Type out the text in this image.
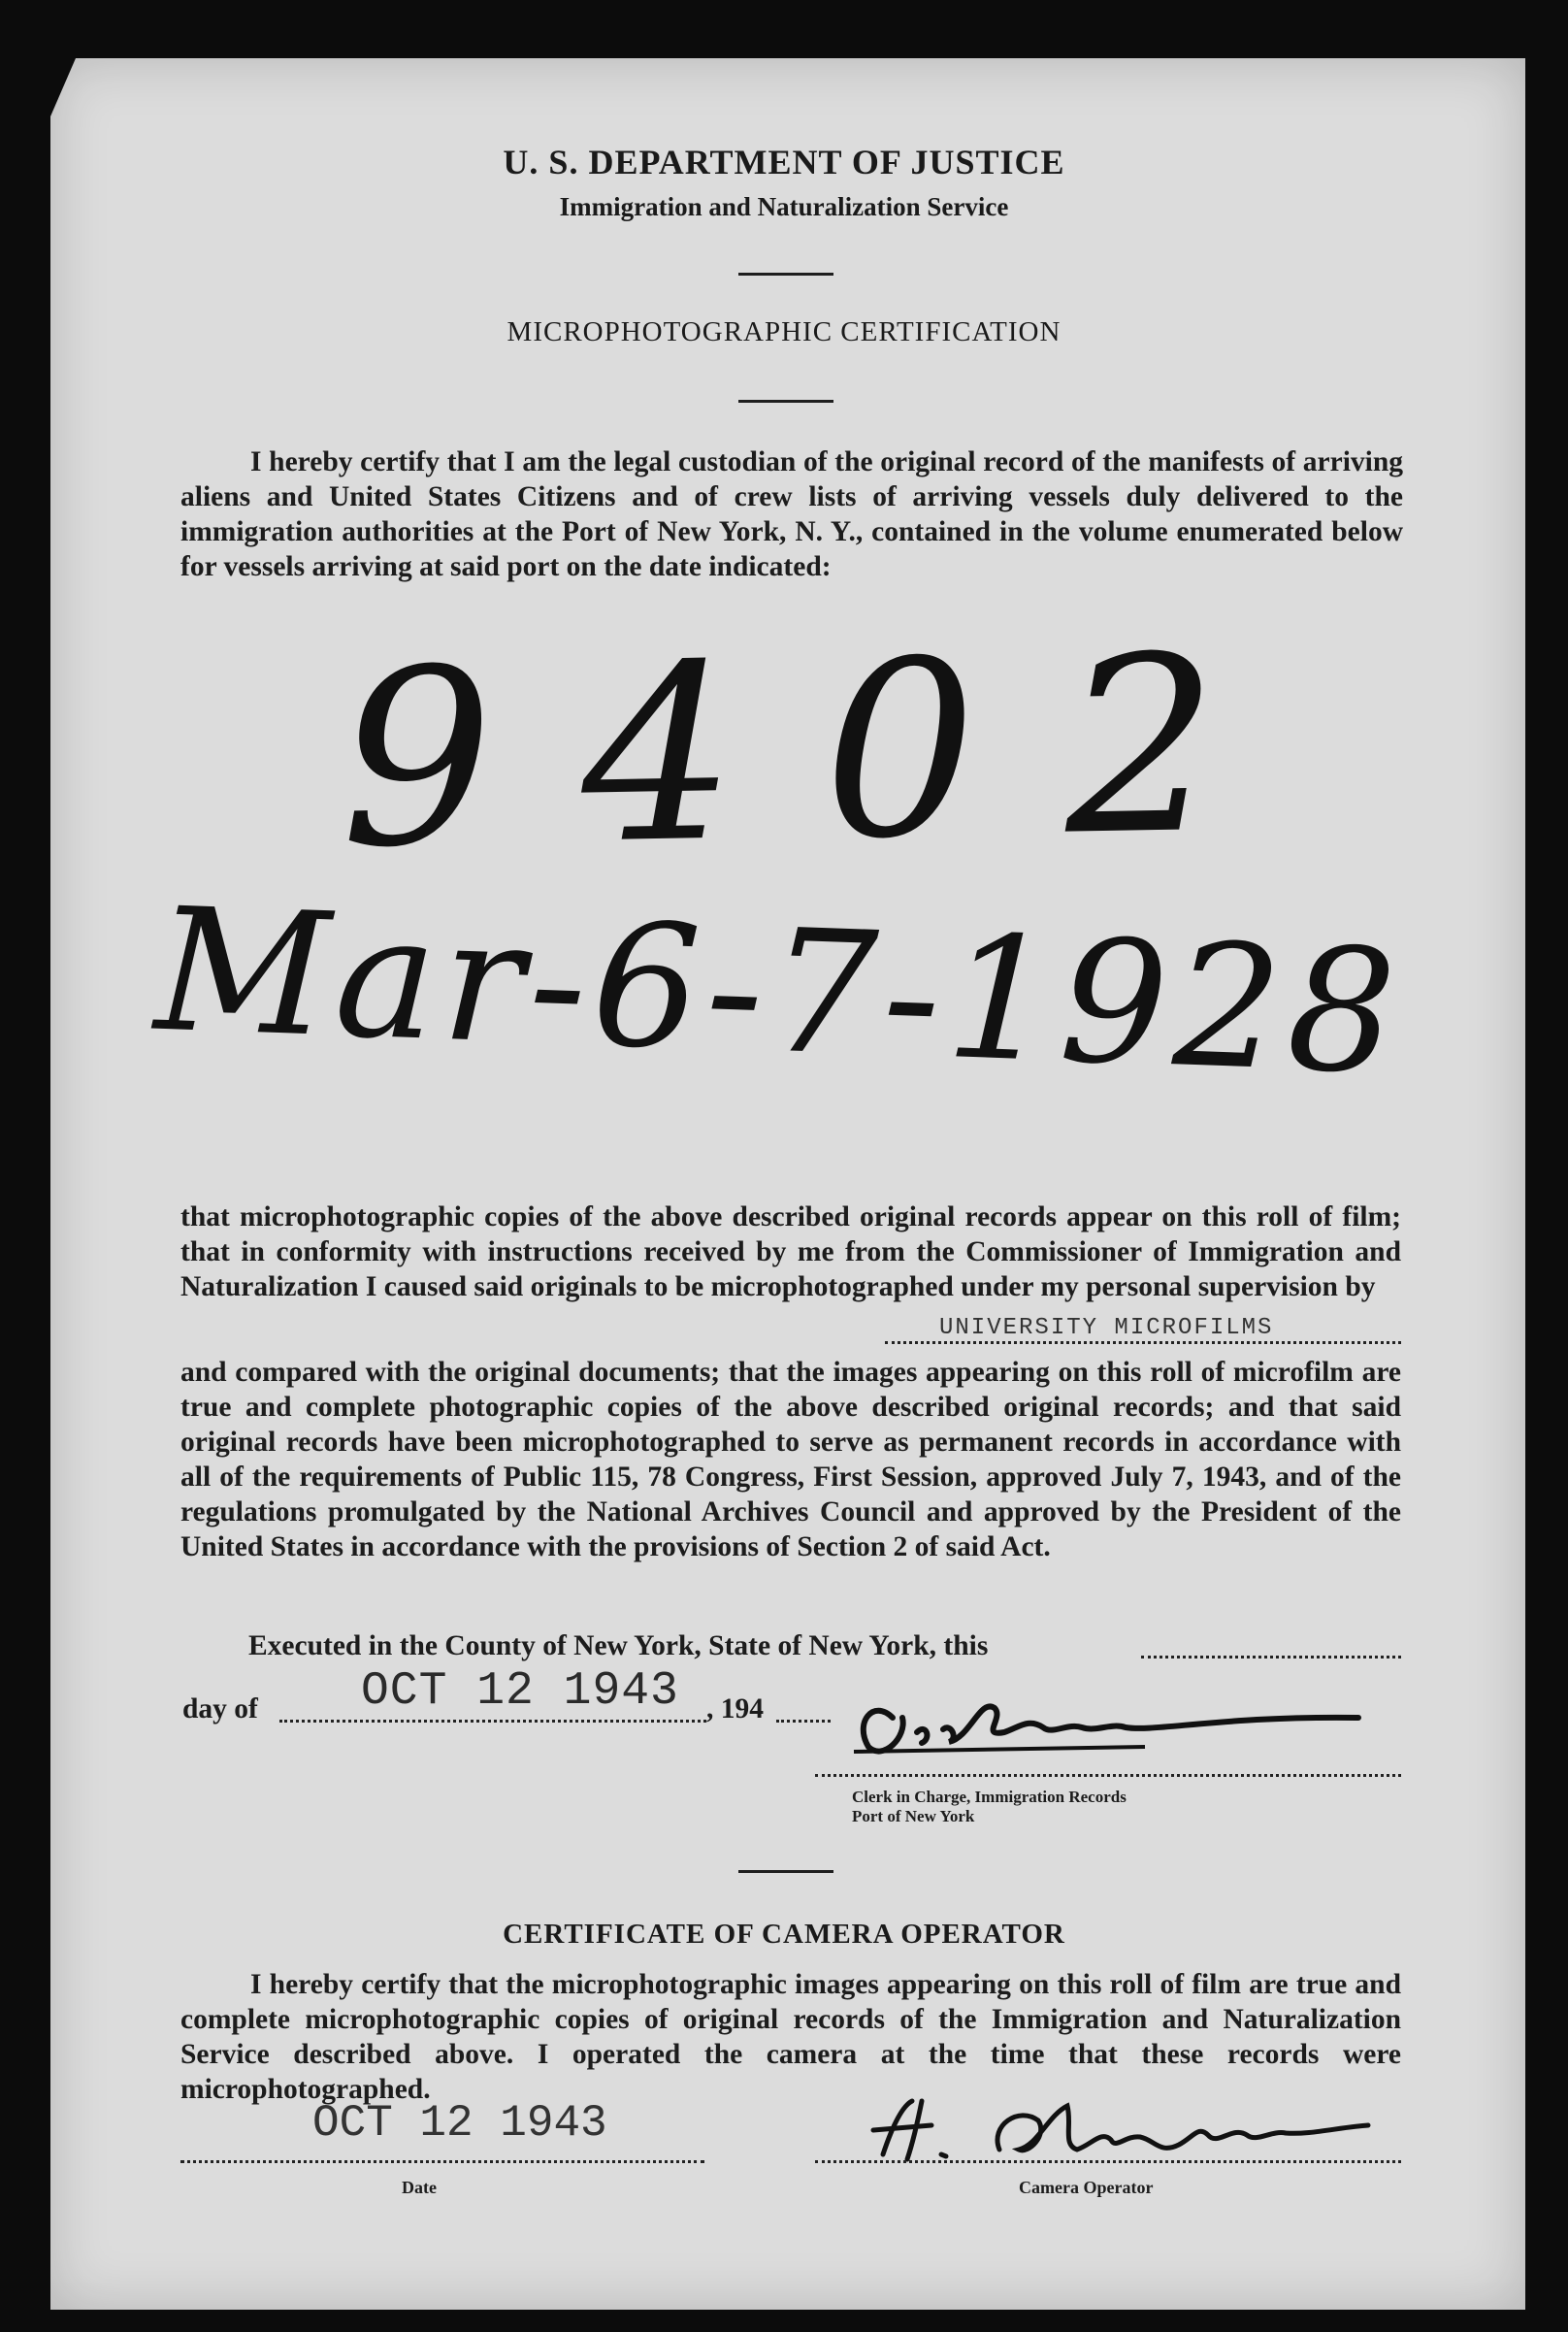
U. S. DEPARTMENT OF JUSTICE
Immigration and Naturalization Service
MICROPHOTOGRAPHIC CERTIFICATION

I hereby certify that I am the legal custodian of the original record of the manifests of arriving aliens and United States Citizens and of crew lists of arriving vessels duly delivered to the immigration authorities at the Port of New York, N. Y., contained in the volume enumerated below for vessels arriving at said port on the date indicated:

9402
Mar-6-7-1928

that microphotographic copies of the above described original records appear on this roll of film; that in conformity with instructions received by me from the Commissioner of Immigration and Naturalization I caused said originals to be microphotographed under my personal supervision by

UNIVERSITY MICROFILMS

and compared with the original documents; that the images appearing on this roll of microfilm are true and complete photographic copies of the above described original records; and that said original records have been microphotographed to serve as permanent records in accordance with all of the requirements of Public 115, 78 Congress, First Session, approved July 7, 1943, and of the regulations promulgated by the National Archives Council and approved by the President of the United States in accordance with the provisions of Section 2 of said Act.

Executed in the County of New York, State of New York, this
day of OCT 12 1943 , 194
Clerk in Charge, Immigration Records
Port of New York
CERTIFICATE OF CAMERA OPERATOR

I hereby certify that the microphotographic images appearing on this roll of film are true and complete microphotographic copies of original records of the Immigration and Naturalization Service described above. I operated the camera at the time that these records were microphotographed.

OCT 12 1943
Date	Camera Operator
